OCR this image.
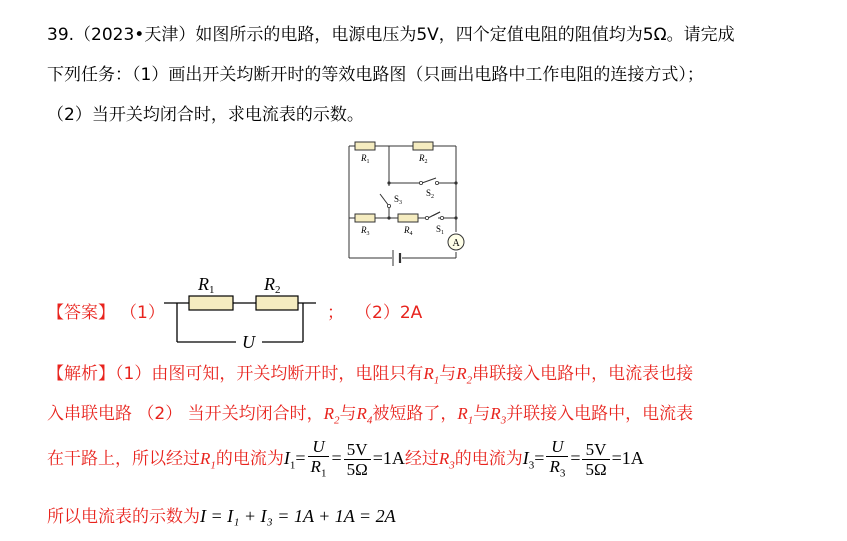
39.（2023•天津）如图所示的电路，电源电压为5V，四个定值电阻的阻值均为5Ω。请完成
下列任务：（1）画出开关均断开时的等效电路图（只画出电路中工作电阻的连接方式）；
（2）当开关均闭合时，求电流表的示数。
A
$R_1$	$R_2$
$R_3$	$R_4$
$S_2$
$S_3$
$S_1$
【答案】 （1）
R1	R2
U
； （2）2A
【解析】（1）由图可知，开关均断开时，电阻只有$R_1$与$R_2$串联接入电路中，电流表也接
入串联电路 （2） 当开关均闭合时，$R_2$与$R_4$被短路了，$R_1$与$R_3$并联接入电路中，电流表
在干路上，所以经过$R_1$的电流为$I_1= \frac{U}{R_1} = \frac{5V}{5\Omega} =1A$经过$R_3$的电流为$I_3= \frac{U}{R_3} = \frac{5V}{5\Omega} =1A$
所以电流表的示数为I = I₁ + I₃ = 1A + 1A = 2A
